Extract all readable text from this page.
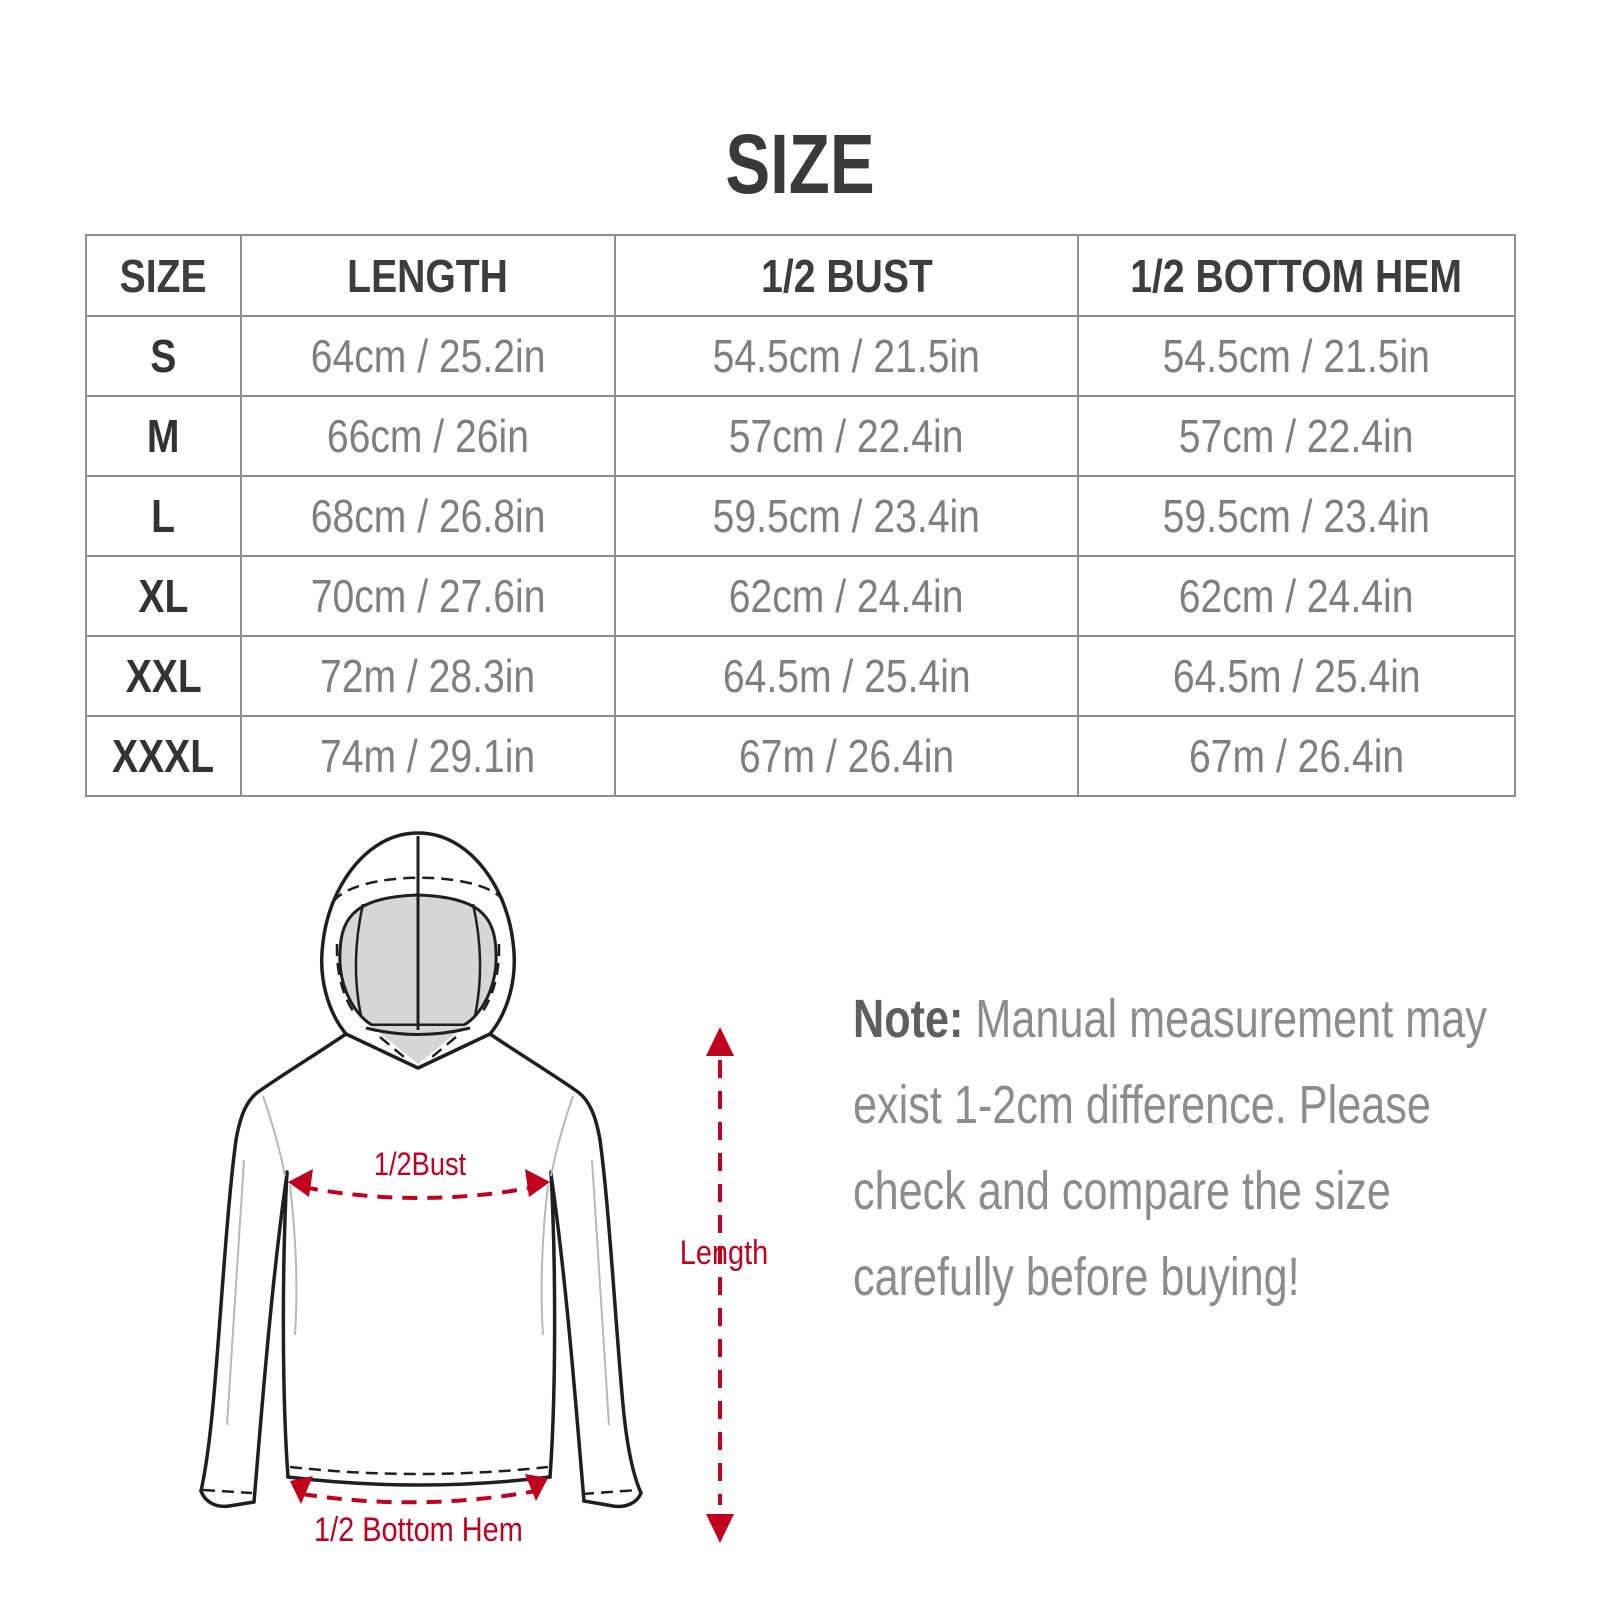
SIZE
SIZE	LENGTH	1/2 BUST	1/2 BOTTOM HEM
S	64cm / 25.2in	54.5cm / 21.5in	54.5cm / 21.5in
M	66cm / 26in	57cm / 22.4in	57cm / 22.4in
L	68cm / 26.8in	59.5cm / 23.4in	59.5cm / 23.4in
XL	70cm / 27.6in	62cm / 24.4in	62cm / 24.4in
XXL	72m / 28.3in	64.5m / 25.4in	64.5m / 25.4in
XXXL	74m / 29.1in	67m / 26.4in	67m / 26.4in
1/2Bust
Length
1/2 Bottom Hem
Note: Manual measurement may
exist 1-2cm difference. Please
check and compare the size
carefully before buying!
